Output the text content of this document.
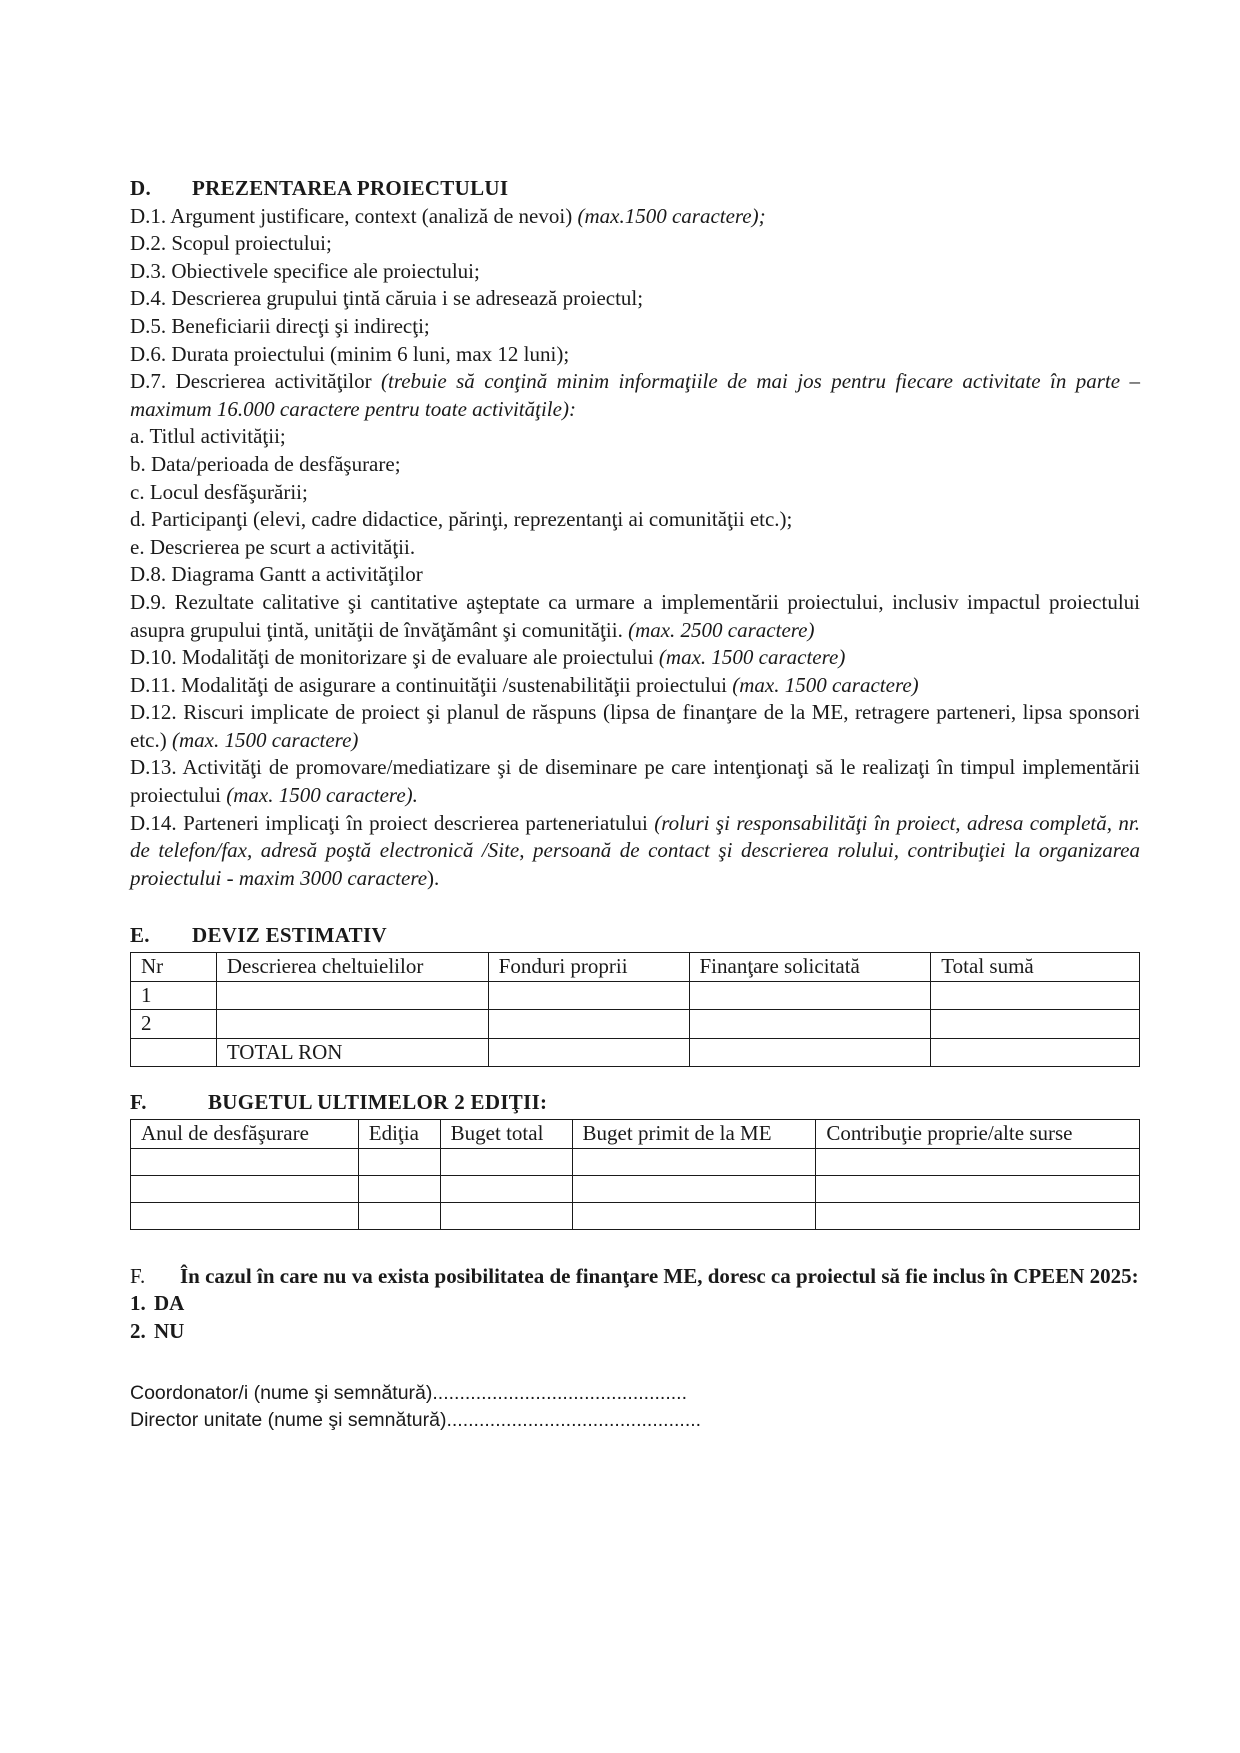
D. PREZENTAREA PROIECTULUI

D.1. Argument justificare, context (analiză de nevoi) (max.1500 caractere);

D.2. Scopul proiectului;

D.3. Obiectivele specifice ale proiectului;

D.4. Descrierea grupului ţintă căruia i se adresează proiectul;

D.5. Beneficiarii direcţi şi indirecţi;

D.6. Durata proiectului (minim 6 luni, max 12 luni);

D.7. Descrierea activităţilor (trebuie să conţină minim informaţiile de mai jos pentru fiecare activitate în parte – maximum 16.000 caractere pentru toate activităţile):

a. Titlul activităţii;

b. Data/perioada de desfăşurare;

c. Locul desfăşurării;

d. Participanţi (elevi, cadre didactice, părinţi, reprezentanţi ai comunităţii etc.);

e. Descrierea pe scurt a activităţii.

D.8. Diagrama Gantt a activităţilor

D.9. Rezultate calitative şi cantitative aşteptate ca urmare a implementării proiectului, inclusiv impactul proiectului asupra grupului ţintă, unităţii de învăţământ şi comunităţii. (max. 2500 caractere)

D.10. Modalităţi de monitorizare şi de evaluare ale proiectului (max. 1500 caractere)

D.11. Modalităţi de asigurare a continuităţii /sustenabilităţii proiectului (max. 1500 caractere)

D.12. Riscuri implicate de proiect şi planul de răspuns (lipsa de finanţare de la ME, retragere parteneri, lipsa sponsori etc.) (max. 1500 caractere)

D.13. Activităţi de promovare/mediatizare şi de diseminare pe care intenţionaţi să le realizaţi în timpul implementării proiectului (max. 1500 caractere).

D.14. Parteneri implicaţi în proiect descrierea parteneriatului (roluri şi responsabilităţi în proiect, adresa completă, nr. de telefon/fax, adresă poştă electronică /Site, persoană de contact şi descrierea rolului, contribuţiei la organizarea proiectului - maxim 3000 caractere).

E. DEVIZ ESTIMATIV
Nr	Descrierea cheltuielilor	Fonduri proprii	Finanţare solicitată	Total sumă
1				
2				
	TOTAL RON			
F.	BUGETUL ULTIMELOR 2 EDIŢII:
Anul de desfăşurare	Ediţia	Buget total	Buget primit de la ME	Contribuţie proprie/alte surse

F. În cazul în care nu va exista posibilitatea de finanţare ME, doresc ca proiectul să fie inclus în CPEEN 2025:

1. DA

2. NU

Coordonator/i (nume şi semnătură)...............................................

Director unitate (nume şi semnătură)...............................................
